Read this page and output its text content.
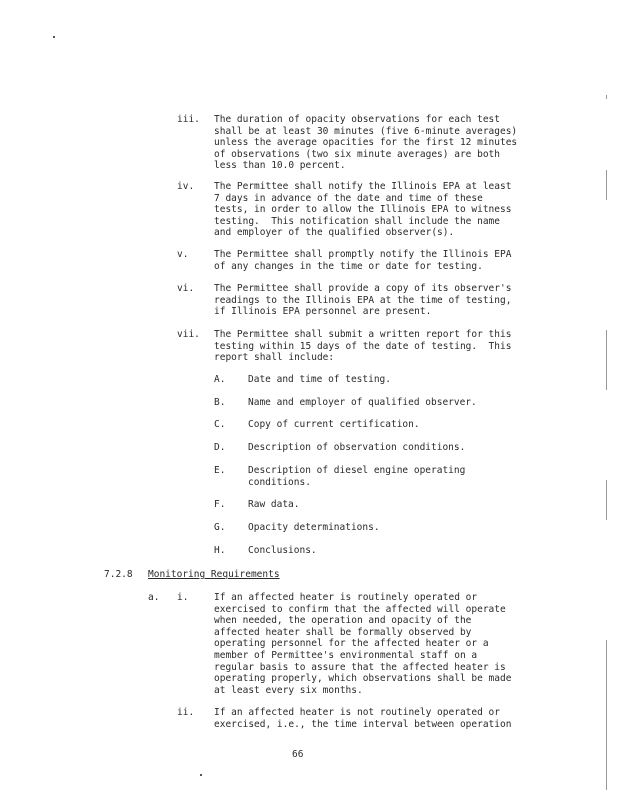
iii. The duration of opacity observations for each test
shall be at least 30 minutes (five 6-minute averages)
unless the average opacities for the first 12 minutes
of observations (two six minute averages) are both
less than 10.0 percent.
iv. The Permittee shall notify the Illinois EPA at least
7 days in advance of the date and time of these
tests, in order to allow the Illinois EPA to witness
testing.  This notification shall include the name
and employer of the qualified observer(s).
v.	The Permittee shall promptly notify the Illinois EPA
of any changes in the time or date for testing.
vi. The Permittee shall provide a copy of its observer's
readings to the Illinois EPA at the time of testing,
if Illinois EPA personnel are present.
vii. The Permittee shall submit a written report for this
testing within 15 days of the date of testing.  This
report shall include:
A. Date and time of testing.
B. Name and employer of qualified observer.
C. Copy of current certification.
D. Description of observation conditions.
E. Description of diesel engine operating
conditions.
F. Raw data.
G. Opacity determinations.
H. Conclusions.
7.2.8 Monitoring Requirements
a. i.	If an affected heater is routinely operated or
exercised to confirm that the affected will operate
when needed, the operation and opacity of the
affected heater shall be formally observed by
operating personnel for the affected heater or a
member of Permittee's environmental staff on a
regular basis to assure that the affected heater is
operating properly, which observations shall be made
at least every six months.
ii. If an affected heater is not routinely operated or
exercised, i.e., the time interval between operation
66
